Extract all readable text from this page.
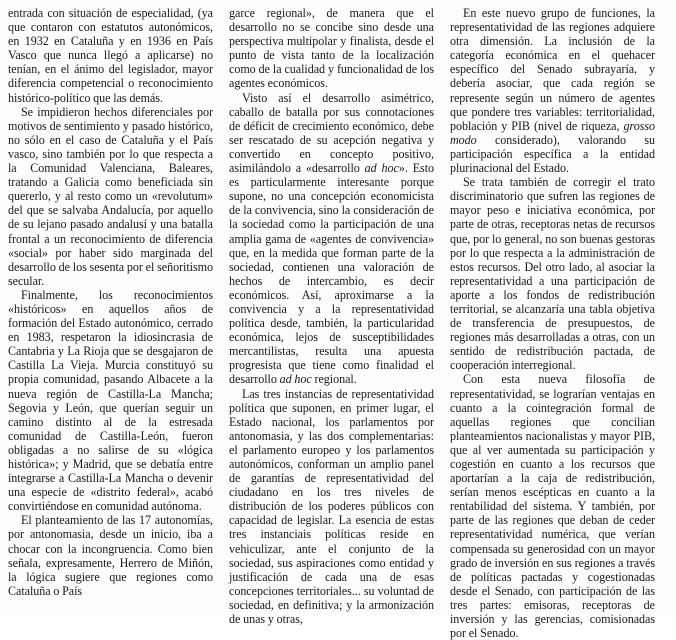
entrada con situación de especialidad, (ya que contaron con estatutos autonómicos, en 1932 en Cataluña y en 1936 en País Vasco que nunca llegó a aplicarse) no tenían, en el ánimo del legislador, mayor diferencia competencial o reconocimiento histórico-político que las demás.

Se impidieron hechos diferenciales por motivos de sentimiento y pasado histórico, no sólo en el caso de Cataluña y el País vasco, sino también por lo que respecta a la Comunidad Valenciana, Baleares, tratando a Galicia como beneficiada sin quererlo, y al resto como un «revolutum» del que se salvaba Andalucía, por aquello de su lejano pasado andalusí y una batalla frontal a un reconocimiento de diferencia «social» por haber sido marginada del desarrollo de los sesenta por el señoritismo secular.

Finalmente, los reconocimientos «históricos» en aquellos años de formación del Estado autonómico, cerrado en 1983, respetaron la idiosincrasia de Cantabria y La Rioja que se desgajaron de Castilla La Vieja. Murcia constituyó su propia comunidad, pasando Albacete a la nueva región de Castilla-La Mancha; Segovia y León, que querían seguir un camino distinto al de la estresada comunidad de Castilla-León, fueron obligadas a no salirse de su «lógica histórica»; y Madrid, que se debatía entre integrarse a Castilla-La Mancha o devenir una especie de «distrito federal», acabó convirtiéndose en comunidad autónoma.

El planteamiento de las 17 autonomías, por antonomasia, desde un inicio, iba a chocar con la incongruencia. Como bien señala, expresamente, Herrero de Miñón, la lógica sugiere que regiones como Cataluña o País

garce regional», de manera que el desarrollo no se concibe sino desde una perspectiva multipolar y finalista, desde el punto de vista tanto de la localización como de la cualidad y funcionalidad de los agentes económicos.

Visto así el desarrollo asimétrico, caballo de batalla por sus connotaciones de déficit de crecimiento económico, debe ser rescatado de su acepción negativa y convertido en concepto positivo, asimilándolo a «desarrollo ad hoc». Esto es particularmente interesante porque supone, no una concepción economicista de la convivencia, sino la consideración de la sociedad como la participación de una amplia gama de «agentes de convivencia» que, en la medida que forman parte de la sociedad, contienen una valoración de hechos de intercambio, es decir económicos. Así, aproximarse a la convivencia y a la representatividad política desde, también, la particularidad económica, lejos de susceptibilidades mercantilistas, resulta una apuesta progresista que tiene como finalidad el desarrollo ad hoc regional.

Las tres instancias de representatividad política que suponen, en primer lugar, el Estado nacional, los parlamentos por antonomasia, y las dos complementarias: el parlamento europeo y los parlamentos autonómicos, conforman un amplio panel de garantías de representatividad del ciudadano en los tres niveles de distribución de los poderes públicos con capacidad de legislar. La esencia de estas tres instanciais políticas reside en vehiculizar, ante el conjunto de la sociedad, sus aspiraciones como entidad y justificación de cada una de esas concepciones territoriales... su voluntad de sociedad, en definitiva; y la armonización de unas y otras,

En este nuevo grupo de funciones, la representatividad de las regiones adquiere otra dimensión. La inclusión de la categoría económica en el quehacer específico del Senado subrayaría, y debería asociar, que cada región se represente según un número de agentes que pondere tres variables: territorialidad, población y PIB (nivel de riqueza, grosso modo considerado), valorando su participación específica a la entidad plurinacional del Estado.

Se trata también de corregir el trato discriminatorio que sufren las regiones de mayor peso e iniciativa económica, por parte de otras, receptoras netas de recursos que, por lo general, no son buenas gestoras por lo que respecta a la administración de estos recursos. Del otro lado, al asociar la representatividad a una participación de aporte a los fondos de redistribución territorial, se alcanzaría una tabla objetiva de transferencia de presupuestos, de regiones más desarrolladas a otras, con un sentido de redistribución pactada, de cooperación interregional.

Con esta nueva filosofía de representatividad, se lograrían ventajas en cuanto a la cointegración formal de aquellas regiones que concilian planteamientos nacionalistas y mayor PIB, que al ver aumentada su participación y cogestión en cuanto a los recursos que aportarían a la caja de redistribución, serían menos escépticas en cuanto a la rentabilidad del sistema. Y también, por parte de las regiones que deban de ceder representatividad numérica, que verían compensada su generosidad con un mayor grado de inversión en sus regiones a través de políticas pactadas y cogestionadas desde el Senado, con participación de las tres partes: emisoras, receptoras de inversión y las gerencias, comisionadas por el Senado.
